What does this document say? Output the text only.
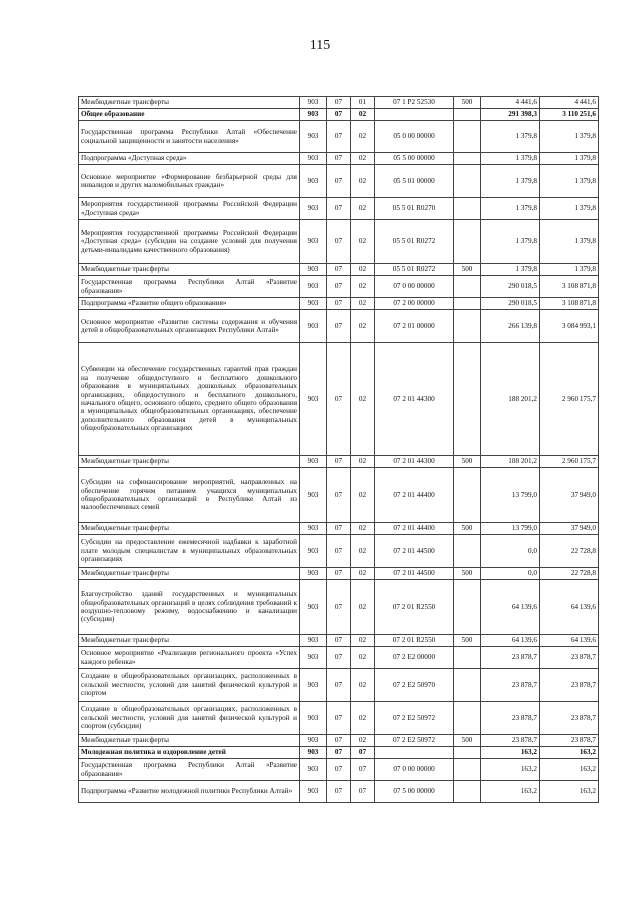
115
Межбюджетные трансферты	903	07	01	07 1 P2 52530	500	4 441,6	4 441,6
Общее образование	903	07	02			291 398,3	3 110 251,6
Государственная программа Республики Алтай «Обеспечение социальной защищенности и занятости населения»	903	07	02	05 0 00 00000		1 379,8	1 379,8
Подпрограмма «Доступная среда»	903	07	02	05 5 00 00000		1 379,8	1 379,8
Основное мероприятие «Формирование безбарьерной среды для инвалидов и других маломобильных граждан»	903	07	02	05 5 01 00000		1 379,8	1 379,8
Мероприятия государственной программы Российской Федерации «Доступная среда»	903	07	02	05 5 01 R0270		1 379,8	1 379,8
Мероприятия государственной программы Российской Федерации «Доступная среда» (субсидии на создание условий для получения детьми-инвалидами качественного образования)	903	07	02	05 5 01 R0272		1 379,8	1 379,8
Межбюджетные трансферты	903	07	02	05 5 01 R0272	500	1 379,8	1 379,8
Государственная программа Республики Алтай «Развитие образования»	903	07	02	07 0 00 00000		290 018,5	3 108 871,8
Подпрограмма «Развитие общего образования»	903	07	02	07 2 00 00000		290 018,5	3 108 871,8
Основное мероприятие «Развитие системы содержания и обучения детей в общеобразовательных организациях Республики Алтай»	903	07	02	07 2 01 00000		266 139,8	3 084 993,1
Субвенции на обеспечение государственных гарантий прав граждан на получение общедоступного и бесплатного дошкольного образования в муниципальных дошкольных образовательных организациях, общедоступного и бесплатного дошкольного, начального общего, основного общего, среднего общего образования в муниципальных общеобразовательных организациях, обеспечение дополнительного образования детей в муниципальных общеобразовательных организациях	903	07	02	07 2 01 44300		188 201,2	2 960 175,7
Межбюджетные трансферты	903	07	02	07 2 01 44300	500	188 201,2	2 960 175,7
Субсидии на софинансирование мероприятий, направленных на обеспечение горячим питанием учащихся муниципальных общеобразовательных организаций в Республике Алтай из малообеспеченных семей	903	07	02	07 2 01 44400		13 799,0	37 949,0
Межбюджетные трансферты	903	07	02	07 2 01 44400	500	13 799,0	37 949,0
Субсидии на предоставление ежемесячной надбавки к заработной плате молодым специалистам в муниципальных образовательных организациях	903	07	02	07 2 01 44500		0,0	22 728,8
Межбюджетные трансферты	903	07	02	07 2 01 44500	500	0,0	22 728,8
Благоустройство зданий государственных и муниципальных общеобразовательных организаций в целях соблюдения требований к воздушно-тепловому режиму, водоснабжению и канализации (субсидии)	903	07	02	07 2 01 R2550		64 139,6	64 139,6
Межбюджетные трансферты	903	07	02	07 2 01 R2550	500	64 139,6	64 139,6
Основное мероприятие «Реализация регионального проекта «Успех каждого ребенка»	903	07	02	07 2 E2 00000		23 878,7	23 878,7
Создание в общеобразовательных организациях, расположенных в сельской местности, условий для занятий физической культурой и спортом	903	07	02	07 2 E2 50970		23 878,7	23 878,7
Создание в общеобразовательных организациях, расположенных в сельской местности, условий для занятий физической культурой и спортом (субсидии)	903	07	02	07 2 E2 50972		23 878,7	23 878,7
Межбюджетные трансферты	903	07	02	07 2 E2 50972	500	23 878,7	23 878,7
Молодежная политика и оздоровление детей	903	07	07			163,2	163,2
Государственная программа Республики Алтай «Развитие образования»	903	07	07	07 0 00 00000		163,2	163,2
Подпрограмма «Развитие молодежной политики Республики Алтай»	903	07	07	07 5 00 00000		163,2	163,2
